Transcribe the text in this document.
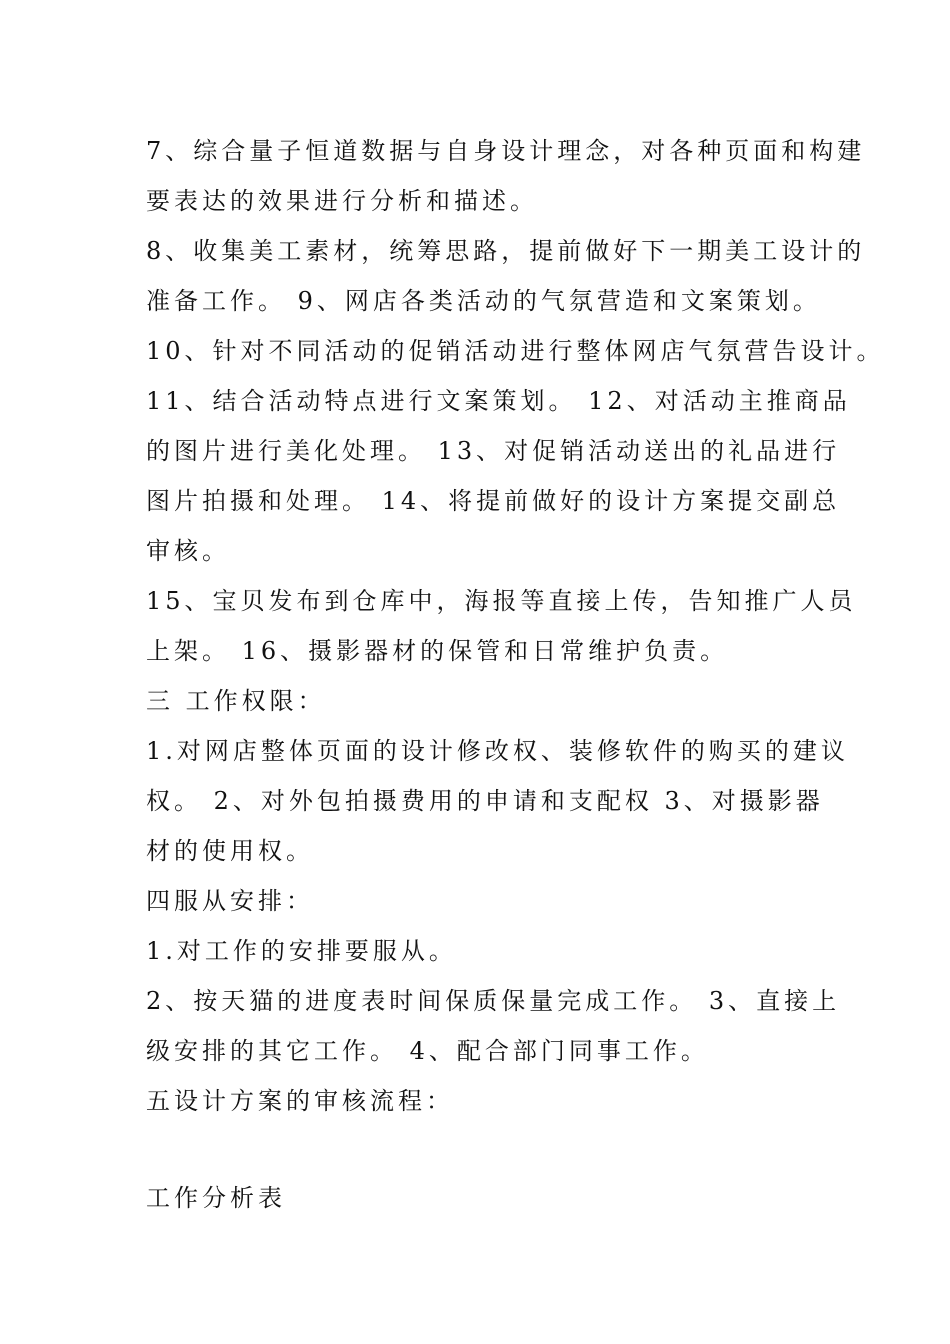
7、综合量子恒道数据与自身设计理念，对各种页面和构建
要表达的效果进行分析和描述。
8、收集美工素材，统筹思路，提前做好下一期美工设计的
准备工作。 9、网店各类活动的气氛营造和文案策划。
10、针对不同活动的促销活动进行整体网店气氛营告设计。
11、结合活动特点进行文案策划。 12、对活动主推商品
的图片进行美化处理。 13、对促销活动送出的礼品进行
图片拍摄和处理。 14、将提前做好的设计方案提交副总
审核。
15、宝贝发布到仓库中，海报等直接上传，告知推广人员
上架。 16、摄影器材的保管和日常维护负责。
三 工作权限：
1.对网店整体页面的设计修改权、装修软件的购买的建议
权。 2、对外包拍摄费用的申请和支配权 3、对摄影器
材的使用权。
四服从安排：
1.对工作的安排要服从。
2、按天猫的进度表时间保质保量完成工作。 3、直接上
级安排的其它工作。 4、配合部门同事工作。
五设计方案的审核流程：
工作分析表
